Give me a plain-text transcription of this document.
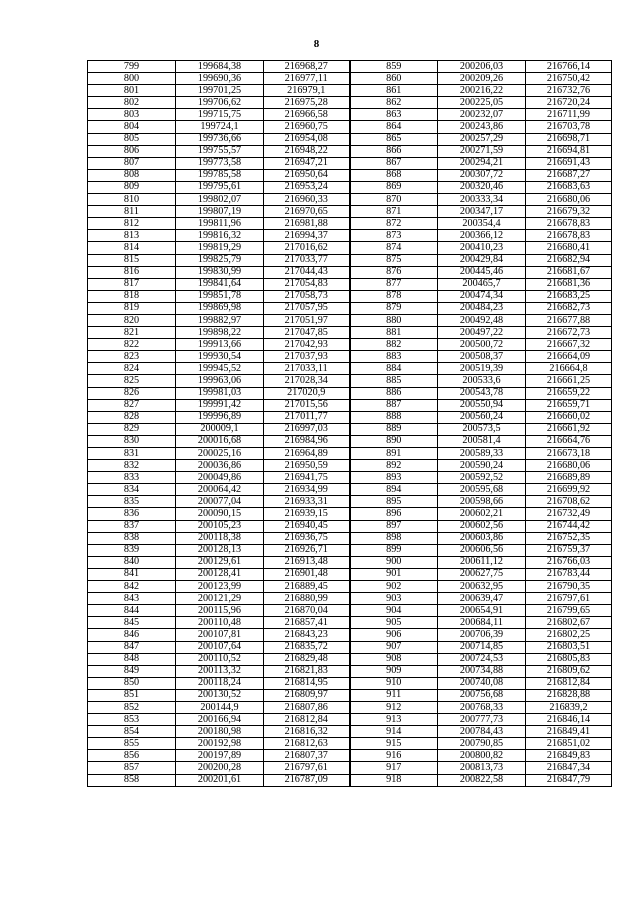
8
799	199684,38	216968,27	859	200206,03	216766,14
800	199690,36	216977,11	860	200209,26	216750,42
801	199701,25	216979,1	861	200216,22	216732,76
802	199706,62	216975,28	862	200225,05	216720,24
803	199715,75	216966,58	863	200232,07	216711,99
804	199724,1	216960,75	864	200243,86	216703,78
805	199736,66	216954,08	865	200257,29	216698,71
806	199755,57	216948,22	866	200271,59	216694,81
807	199773,58	216947,21	867	200294,21	216691,43
808	199785,58	216950,64	868	200307,72	216687,27
809	199795,61	216953,24	869	200320,46	216683,63
810	199802,07	216960,33	870	200333,34	216680,06
811	199807,19	216970,65	871	200347,17	216679,32
812	199811,96	216981,88	872	200354,4	216678,83
813	199816,32	216994,37	873	200366,12	216678,83
814	199819,29	217016,62	874	200410,23	216680,41
815	199825,79	217033,77	875	200429,84	216682,94
816	199830,99	217044,43	876	200445,46	216681,67
817	199841,64	217054,83	877	200465,7	216681,36
818	199851,78	217058,73	878	200474,34	216683,25
819	199869,98	217057,95	879	200484,23	216682,73
820	199882,97	217051,97	880	200492,48	216677,88
821	199898,22	217047,85	881	200497,22	216672,73
822	199913,66	217042,93	882	200500,72	216667,32
823	199930,54	217037,93	883	200508,37	216664,09
824	199945,52	217033,11	884	200519,39	216664,8
825	199963,06	217028,34	885	200533,6	216661,25
826	199981,03	217020,9	886	200543,78	216659,22
827	199991,42	217015,56	887	200550,94	216659,71
828	199996,89	217011,77	888	200560,24	216660,02
829	200009,1	216997,03	889	200573,5	216661,92
830	200016,68	216984,96	890	200581,4	216664,76
831	200025,16	216964,89	891	200589,33	216673,18
832	200036,86	216950,59	892	200590,24	216680,06
833	200049,86	216941,75	893	200592,52	216689,89
834	200064,42	216934,99	894	200595,68	216699,92
835	200077,04	216933,31	895	200598,66	216708,62
836	200090,15	216939,15	896	200602,21	216732,49
837	200105,23	216940,45	897	200602,56	216744,42
838	200118,38	216936,75	898	200603,86	216752,35
839	200128,13	216926,71	899	200606,56	216759,37
840	200129,61	216913,48	900	200611,12	216766,03
841	200128,41	216901,48	901	200627,75	216783,44
842	200123,99	216889,45	902	200632,95	216790,35
843	200121,29	216880,99	903	200639,47	216797,61
844	200115,96	216870,04	904	200654,91	216799,65
845	200110,48	216857,41	905	200684,11	216802,67
846	200107,81	216843,23	906	200706,39	216802,25
847	200107,64	216835,72	907	200714,85	216803,51
848	200110,52	216829,48	908	200724,53	216805,83
849	200113,32	216821,83	909	200734,88	216809,62
850	200118,24	216814,95	910	200740,08	216812,84
851	200130,52	216809,97	911	200756,68	216828,88
852	200144,9	216807,86	912	200768,33	216839,2
853	200166,94	216812,84	913	200777,73	216846,14
854	200180,98	216816,32	914	200784,43	216849,41
855	200192,98	216812,63	915	200790,85	216851,02
856	200197,89	216807,37	916	200800,82	216849,83
857	200200,28	216797,61	917	200813,73	216847,34
858	200201,61	216787,09	918	200822,58	216847,79
